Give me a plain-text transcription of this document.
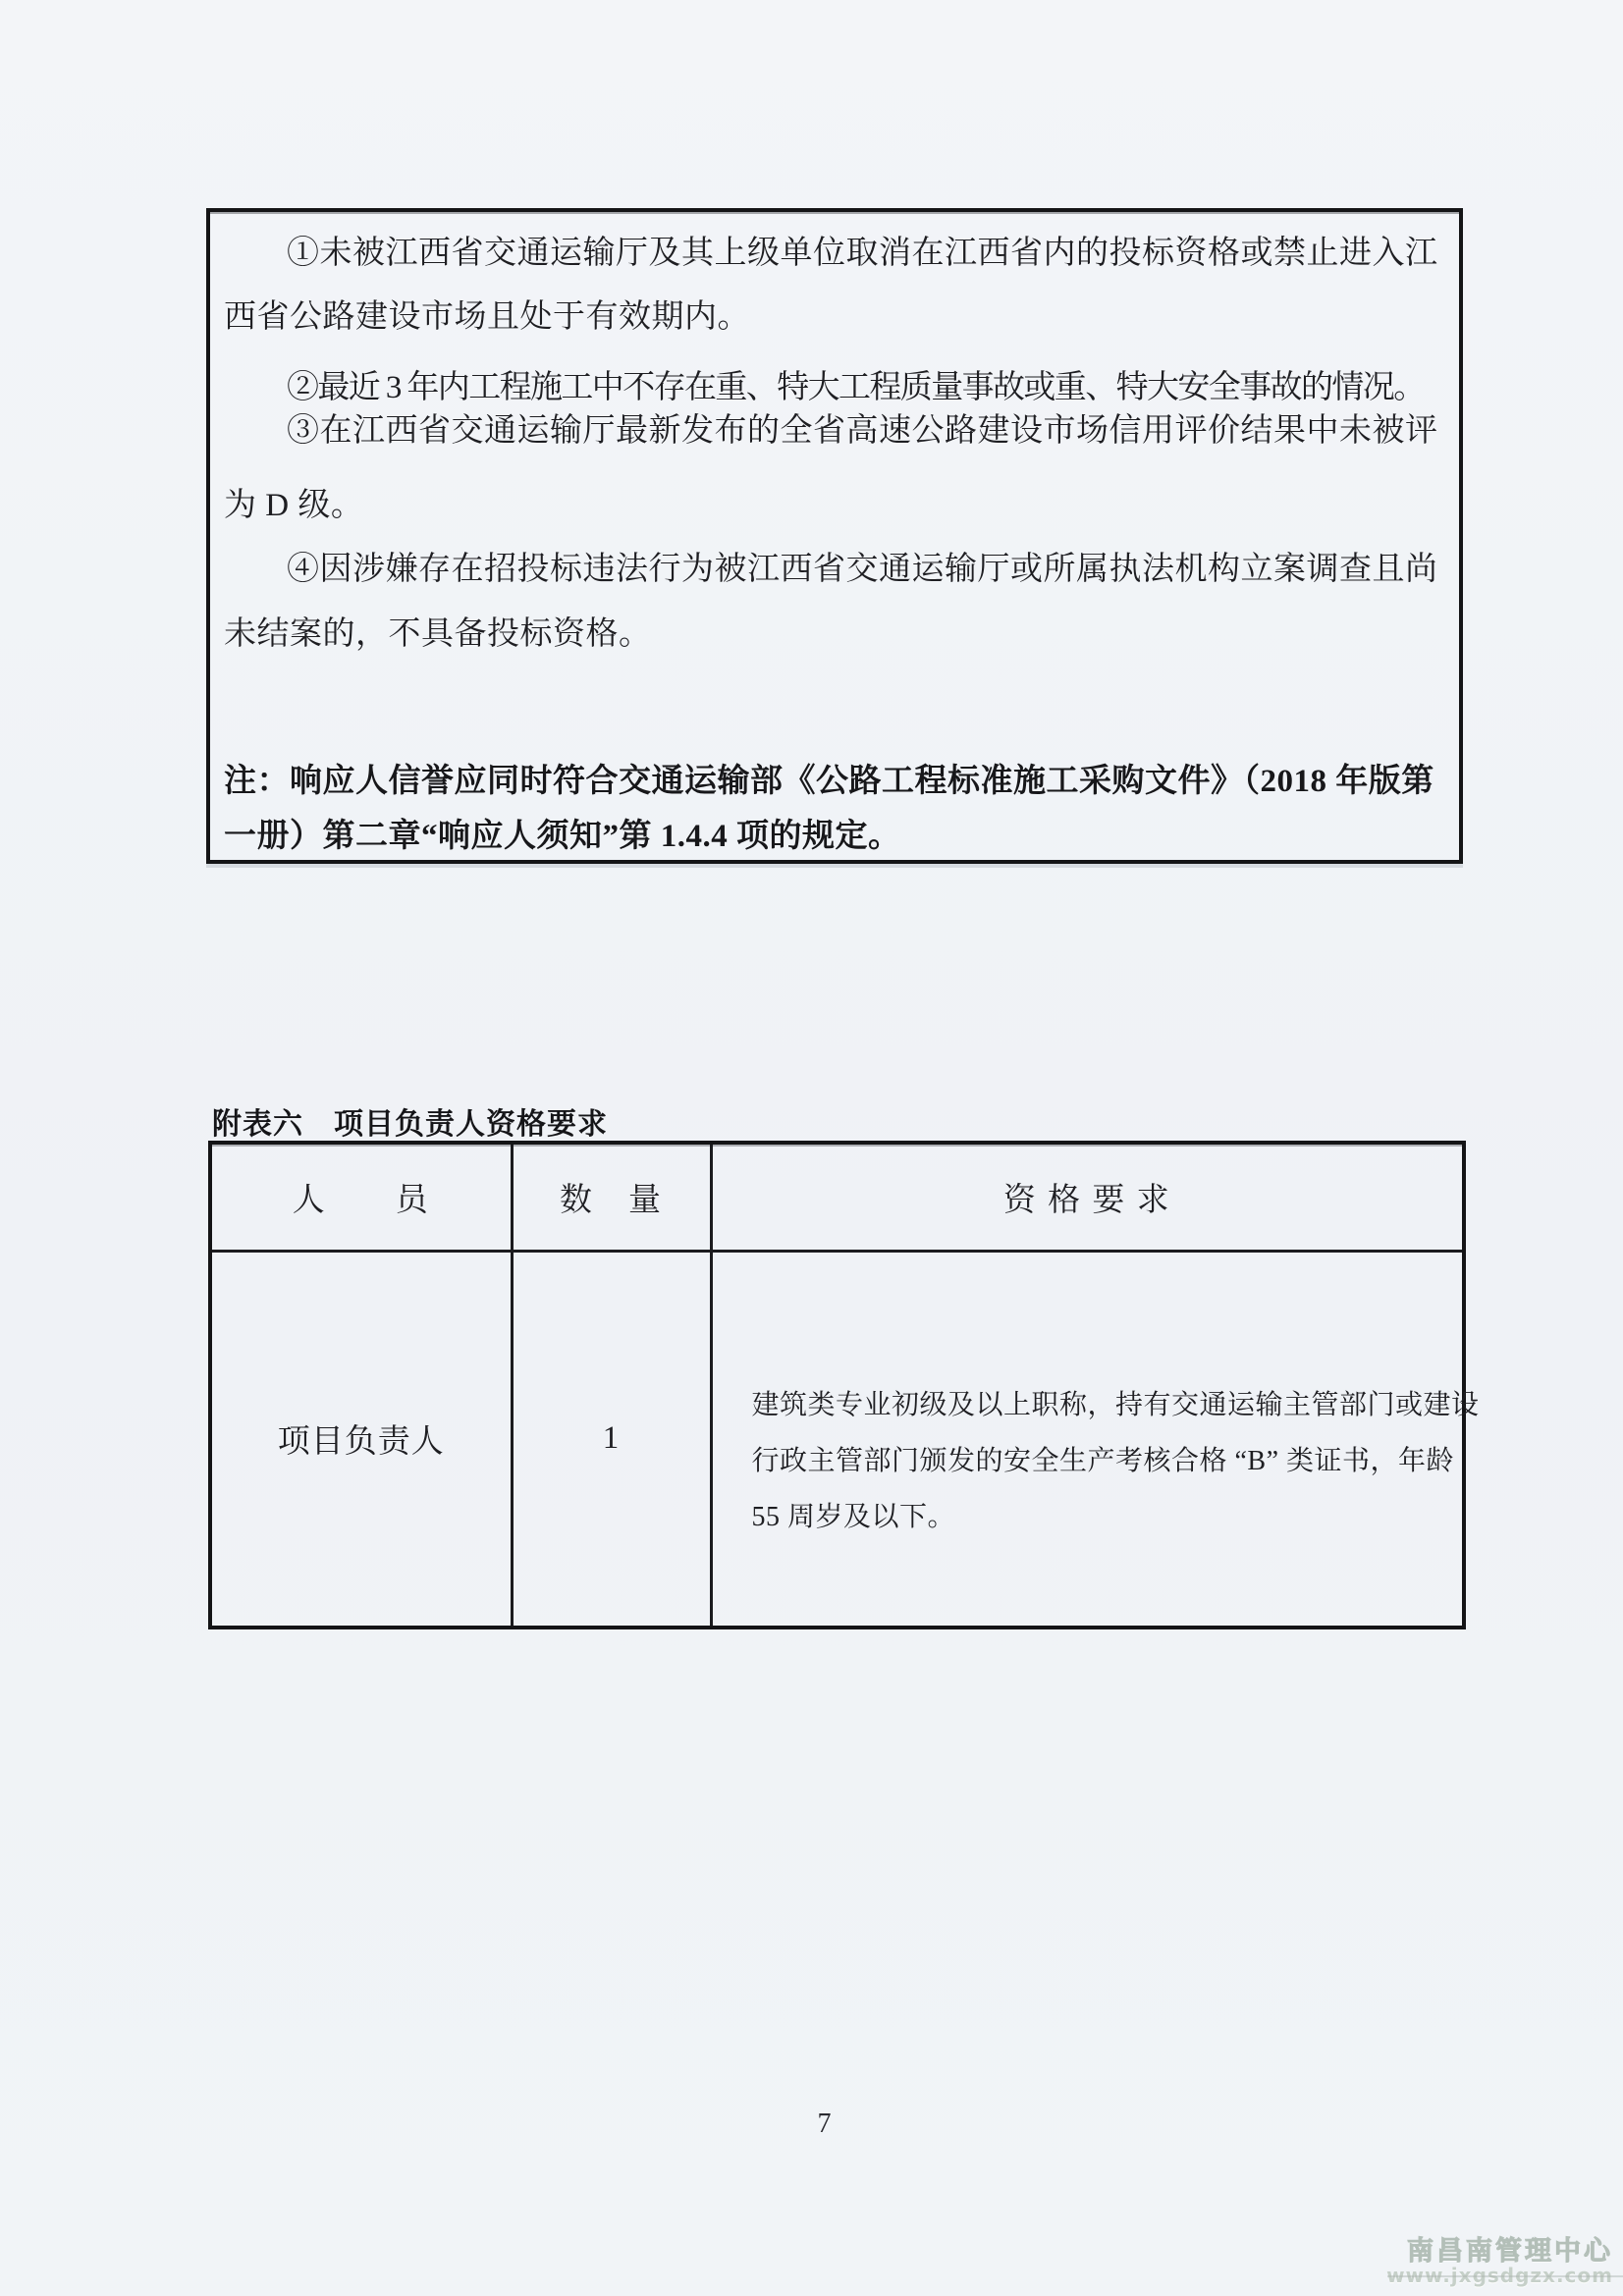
①未被江西省交通运输厅及其上级单位取消在江西省内的投标资格或禁止进入江
西省公路建设市场且处于有效期内。
②最近 3 年内工程施工中不存在重、特大工程质量事故或重、特大安全事故的情况。
③在江西省交通运输厅最新发布的全省高速公路建设市场信用评价结果中未被评
为 D 级。
④因涉嫌存在招投标违法行为被江西省交通运输厅或所属执法机构立案调查且尚
未结案的，不具备投标资格。
注：响应人信誉应同时符合交通运输部《公路工程标准施工采购文件》（2018 年版第
一册）第二章“响应人须知”第 1.4.4 项的规定。
附表六　项目负责人资格要求
人　　员	数　量	资 格 要 求
项目负责人	1	建筑类专业初级及以上职称，持有交通运输主管部门或建设
行政主管部门颁发的安全生产考核合格 “B” 类证书，年龄
55 周岁及以下。
7
南昌南管理中心
www.jxgsdgzx.com
